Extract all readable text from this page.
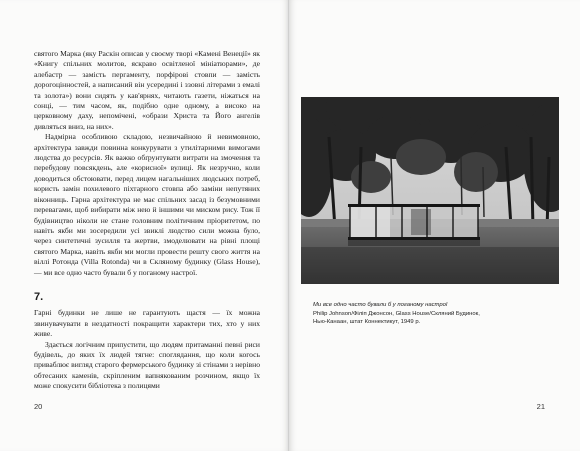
святого Марка (яку Раскін описав у своєму творі «Камені Венеції» як «Книгу спільних молитов, яскраво освітленої мініатюрами», де алебастр — замість пергаменту, порфірові стовпи — замість дорогоцінностей, а написаний він усередині і ззовні літерами з емалі та золота») вони сидять у кав'ярнях, читають газети, ніжаться на сонці, — тим часом, як, подібно одне одному, а високо на церковному даху, непомічені, «образи Христа та Його ангелів дивляться вниз, на них».

Надмірна особливою складою, незвичайною й невимовною, архітектура завжди повинна конкурувати з утилітарними вимогами людства до ресурсів. Як важко обґрунтувати витрати на змочення та перебудову повсякдень, але «корисної» вулиці. Як незручно, коли доводиться обстоювати, перед лицем нагальніших людських потреб, користь замін похилевого піхтарного стовпа або заміни непутяних віконниць. Гарна архітектура не має спільних засад із безумовними перевагами, щоб вибирати між нею й іншими чи миском рису. Тож її будівництво ніколи не стане головним політичним пріоритетом, по навіть якби ми зосередили усі звиклі людство сили можна було, через синтетичні зусилля та жертви, змоделювати на рівні площі святого Марка, навіть якби ми могли провести решту свого життя на віллі Ротонда (Villa Rotonda) чи в Скляному будинку (Glass House), — ми все одно часто бували б у поганому настрої.

7.

Гарні будинки не лише не гарантують щастя — їх можна звинувачувати в нездатності покращити характери тих, хто у них живе.

Здається логічним припустити, що людям притаманні певні риси будівель, до яких їх людей тягне: споглядання, що коли когось приваблює вигляд старого фермерського будинку зі стінами з нерівно обтесаних каменів, скріпленим вапнякованим розчином, якщо їх може спокусити бібліотека з полицями

20
Ми все одно часто бували б у поганому настрої
Philip Johnson/Філіп Джонсон, Glass House/Скляний Будинок,
Нью-Канаан, штат Коннектикут, 1949 р.
21
